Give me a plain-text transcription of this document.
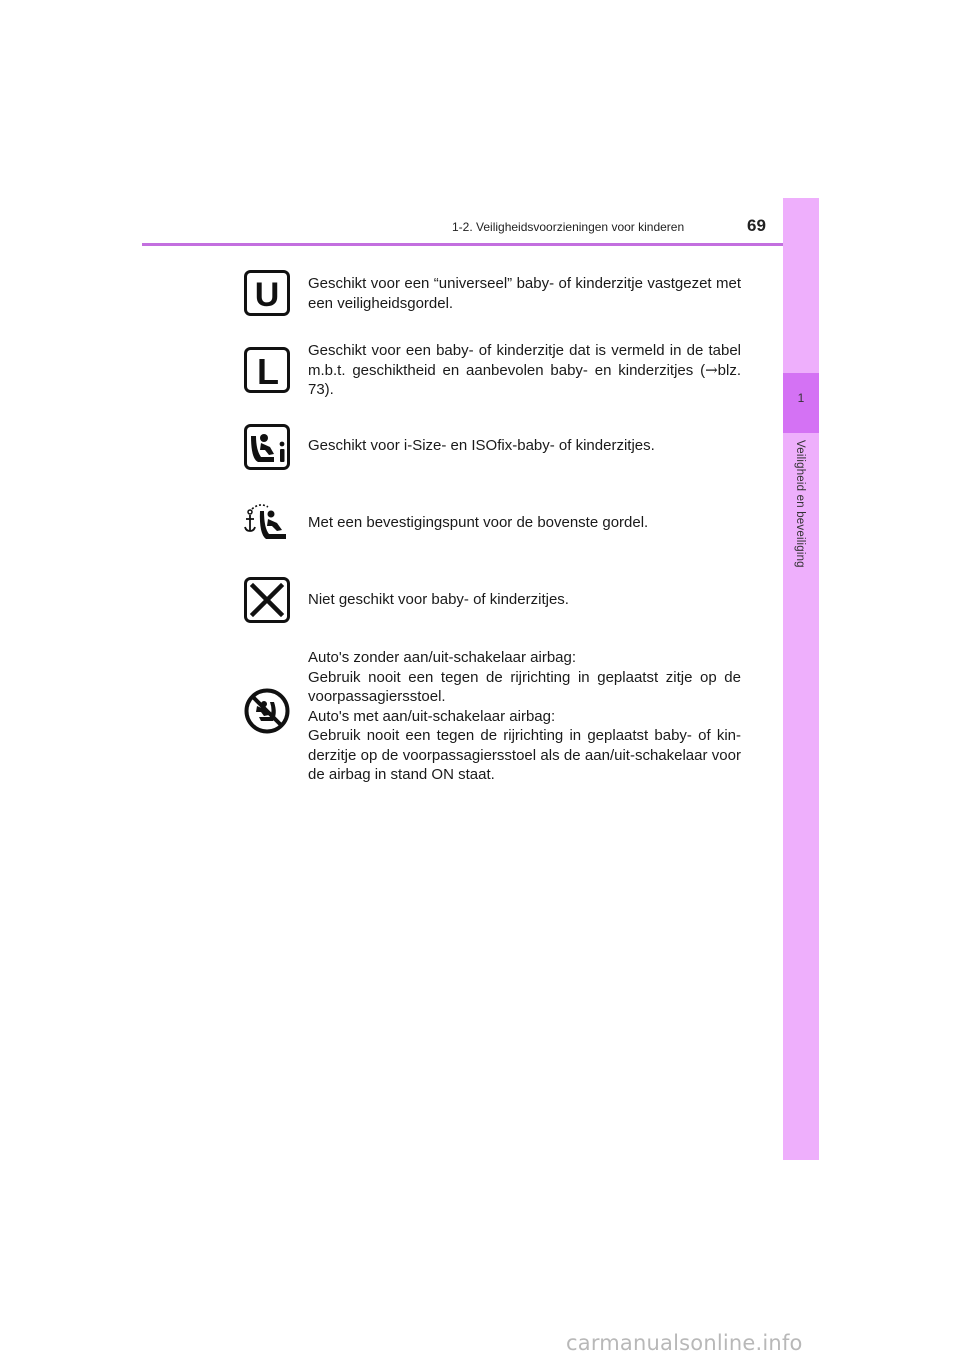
1-2. Veiligheidsvoorzieningen voor kinderen	69
1
Veiligheid en beveiliging
U Geschikt voor een “universeel” baby- of kinderzitje vastgezet met een veiligheidsgordel.

L

Geschikt voor een baby- of kinderzitje dat is vermeld in de tabel m.b.t. geschiktheid en aanbevolen baby- en kinderzitjes (→blz. 73).

Geschikt voor i-Size- en ISOfix-baby- of kinderzitjes.

Met een bevestigingspunt voor de bovenste gordel.

Niet geschikt voor baby- of kinderzitjes.

Auto's zonder aan/uit-schakelaar airbag:

Gebruik nooit een tegen de rijrichting in geplaatst zitje op de voorpassagiersstoel.

Auto's met aan/uit-schakelaar airbag:

Gebruik nooit een tegen de rijrichting in geplaatst baby- of kin-derzitje op de voorpassagiersstoel als de aan/uit-schakelaar voor de airbag in stand ON staat.

carmanualsonline.info
